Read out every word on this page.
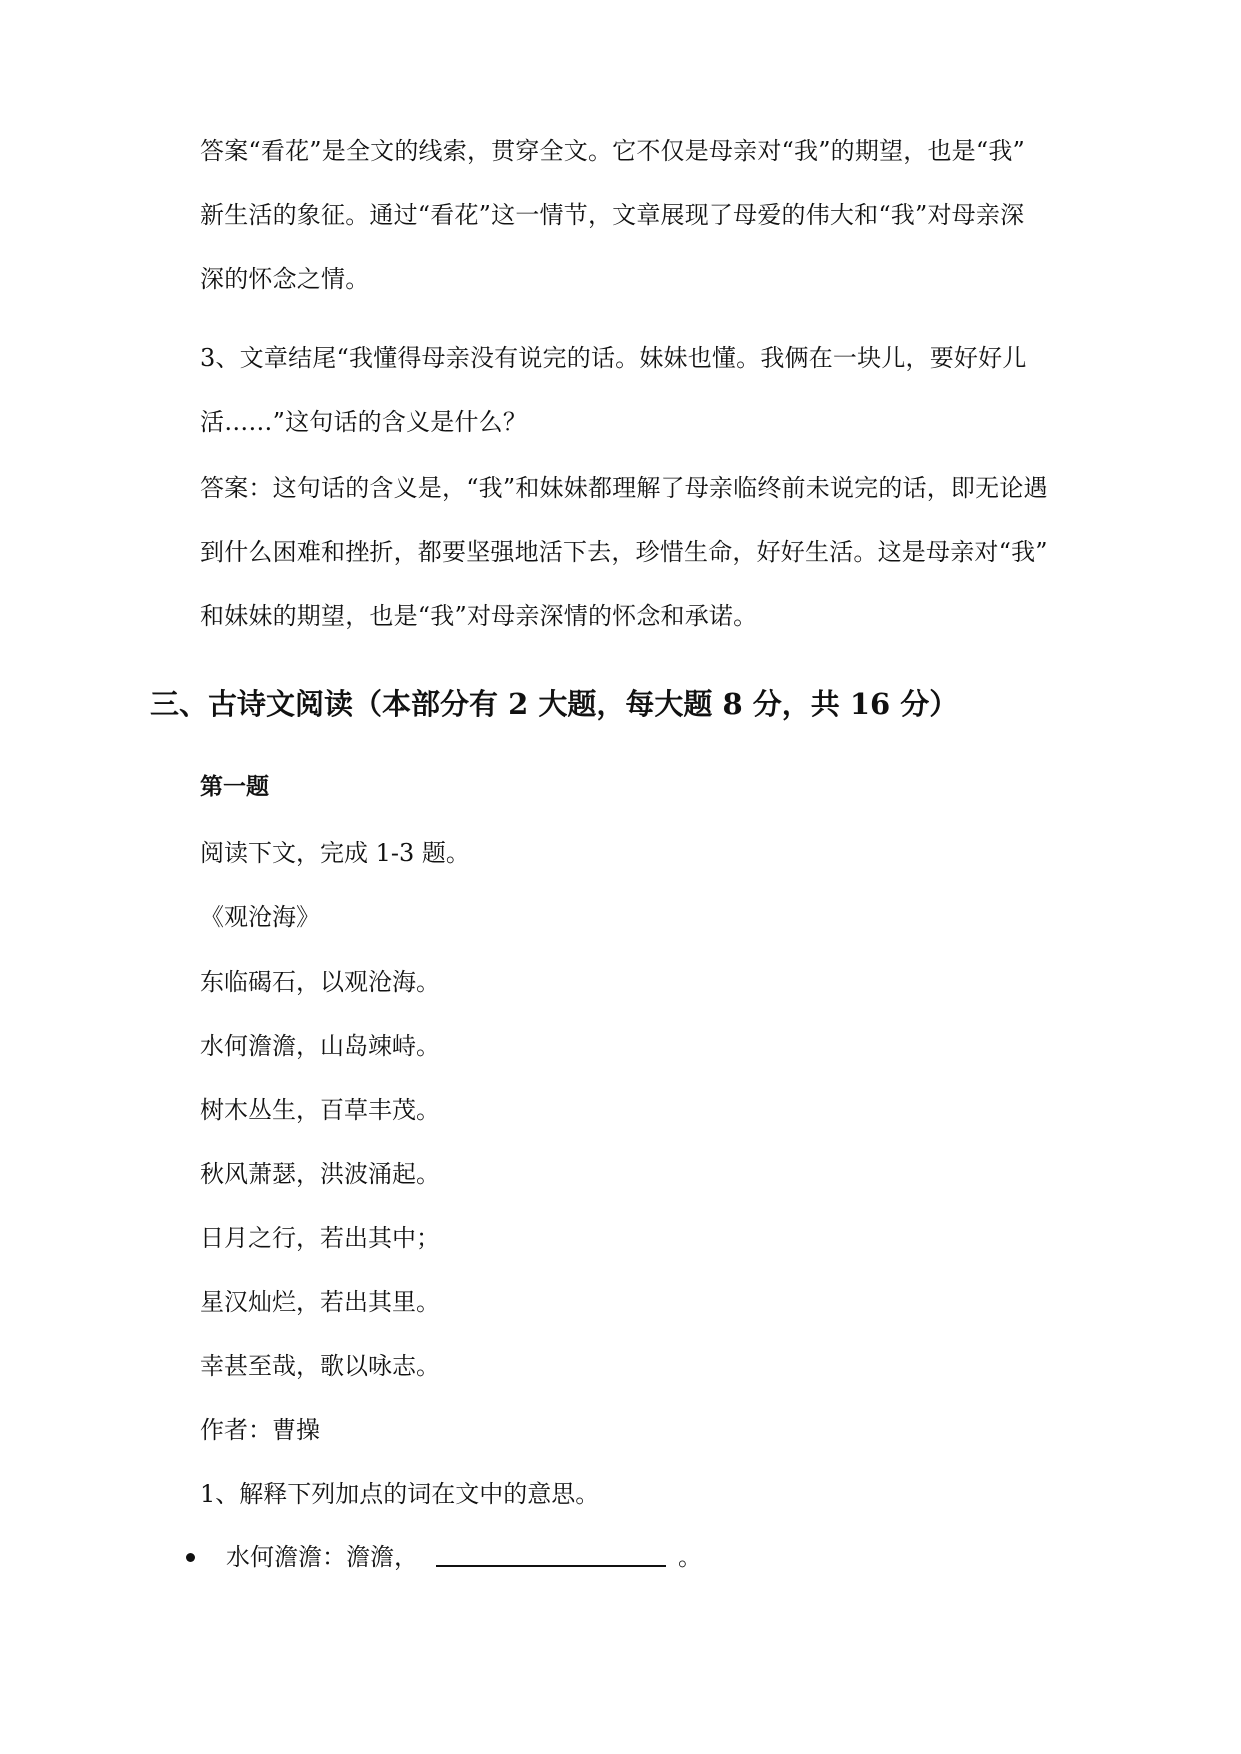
答案“看花”是全文的线索，贯穿全文。它不仅是母亲对“我”的期望，也是“我”
新生活的象征。通过“看花”这一情节，文章展现了母爱的伟大和“我”对母亲深
深的怀念之情。
3、文章结尾“我懂得母亲没有说完的话。妹妹也懂。我俩在一块儿，要好好儿
活……”这句话的含义是什么？
答案：这句话的含义是，“我”和妹妹都理解了母亲临终前未说完的话，即无论遇
到什么困难和挫折，都要坚强地活下去，珍惜生命，好好生活。这是母亲对“我”
和妹妹的期望，也是“我”对母亲深情的怀念和承诺。
三、古诗文阅读（本部分有 2 大题，每大题 8 分，共 16 分）
第一题
阅读下文，完成 1-3 题。
《观沧海》
东临碣石，以观沧海。
水何澹澹，山岛竦峙。
树木丛生，百草丰茂。
秋风萧瑟，洪波涌起。
日月之行，若出其中；
星汉灿烂，若出其里。
幸甚至哉，歌以咏志。
作者：曹操
1、解释下列加点的词在文中的意思。
水何澹澹：澹澹，	。
